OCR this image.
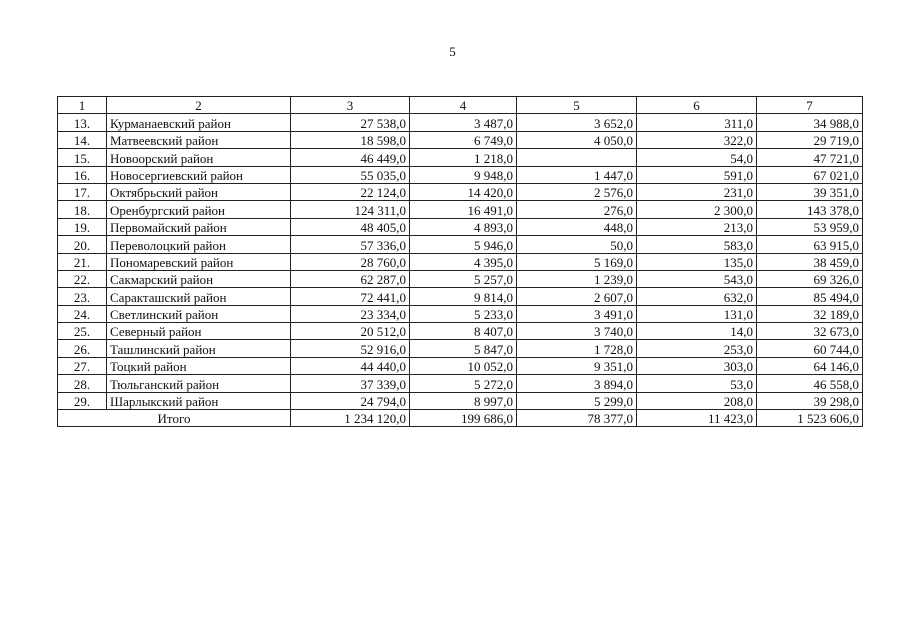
5
1	2	3	4	5	6	7
13.	Курманаевский район	27 538,0	3 487,0	3 652,0	311,0	34 988,0
14.	Матвеевский район	18 598,0	6 749,0	4 050,0	322,0	29 719,0
15.	Новоорский район	46 449,0	1 218,0		54,0	47 721,0
16.	Новосергиевский район	55 035,0	9 948,0	1 447,0	591,0	67 021,0
17.	Октябрьский район	22 124,0	14 420,0	2 576,0	231,0	39 351,0
18.	Оренбургский район	124 311,0	16 491,0	276,0	2 300,0	143 378,0
19.	Первомайский район	48 405,0	4 893,0	448,0	213,0	53 959,0
20.	Переволоцкий район	57 336,0	5 946,0	50,0	583,0	63 915,0
21.	Пономаревский район	28 760,0	4 395,0	5 169,0	135,0	38 459,0
22.	Сакмарский район	62 287,0	5 257,0	1 239,0	543,0	69 326,0
23.	Саракташский район	72 441,0	9 814,0	2 607,0	632,0	85 494,0
24.	Светлинский район	23 334,0	5 233,0	3 491,0	131,0	32 189,0
25.	Северный район	20 512,0	8 407,0	3 740,0	14,0	32 673,0
26.	Ташлинский район	52 916,0	5 847,0	1 728,0	253,0	60 744,0
27.	Тоцкий район	44 440,0	10 052,0	9 351,0	303,0	64 146,0
28.	Тюльганский район	37 339,0	5 272,0	3 894,0	53,0	46 558,0
29.	Шарлыкский район	24 794,0	8 997,0	5 299,0	208,0	39 298,0
Итого		1 234 120,0	199 686,0	78 377,0	11 423,0	1 523 606,0
